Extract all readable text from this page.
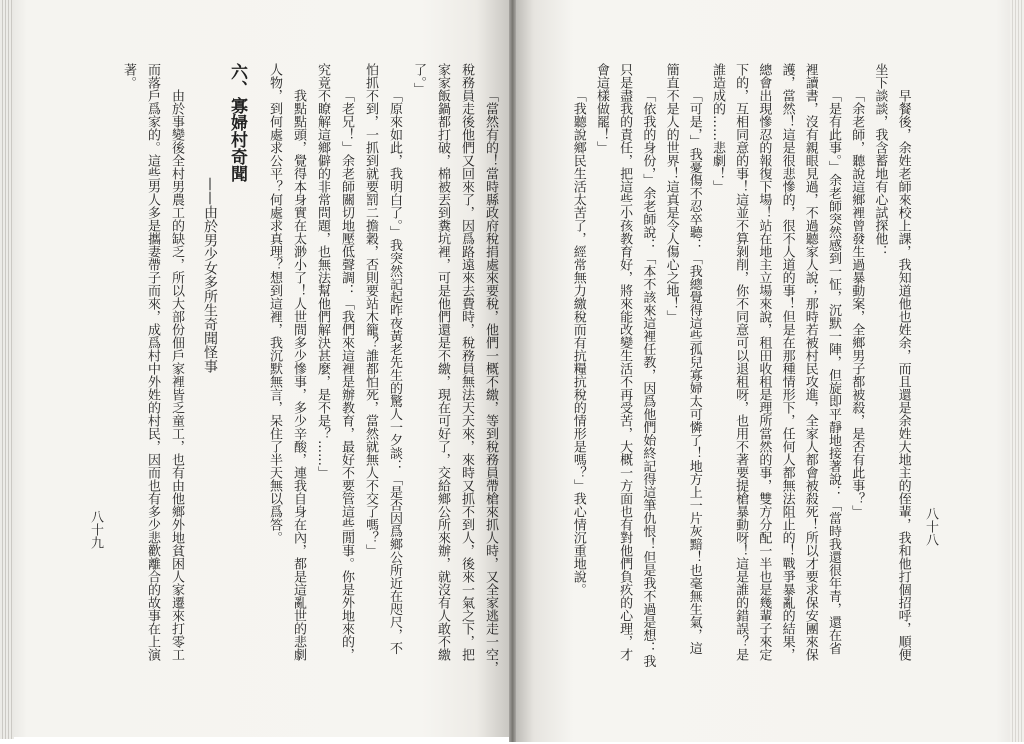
「當然有的！當時縣政府稅捐處來要稅，他們一概不繳，等到稅務員帶槍來抓人時，又全家逃走一空，
稅務員走後他們又回來了，因爲路遠來去費時，稅務員無法天天來，來時又抓不到人，後來一氣之下，把
家家飯鍋都打破，棉被丟到糞坑裡，可是他們還是不繳，現在可好了，交給鄉公所來辦，就沒有人敢不繳
了。」
「原來如此，我明白了。」我突然記起昨夜黃老先生的驚人一夕談：「是否因爲鄉公所近在咫尺，不
怕抓不到，一抓到就要罰二擔穀，否則要站木籠？誰都怕死，當然就無人不交了嗎？」
「老兄！」余老師關切地壓低聲調：「我們來這裡是辦教育，最好不要管這些閒事。你是外地來的，
究竟不瞭解這鄉僻的非常問題，也無法幫他們解決甚麼，是不是？……」
我點點頭，覺得本身實在太渺小了！人世間多少慘事，多少辛酸，連我自身在內，都是這亂世的悲劇
人物，到何處求公平？何處求真理？想到這裡，我沉默無言，呆住了半天無以爲答。
六、寡婦村奇聞
——由於男少女多所生奇聞怪事
由於事變後全村男農工的缺乏，所以大部份佃戶家裡皆乏童工，也有由他鄉外地貧困人家遷來打零工
而落戶爲家的。這些男人多是攜妻帶子而來，成爲村中外姓的村民，因而也有多少悲歡離合的故事在上演
著。
八十九	早餐後，余姓老師來校上課，我知道他也姓余，而且還是余姓大地主的侄輩，我和他打個招呼，順便
坐下談談，我含蓄地有心試探他：
「余老師，聽說這鄉裡曾發生過暴動案，全鄉男子都被殺，是否有此事？」
「是有此事。」余老師突然感到一怔，沉默一陣，但旋即平靜地接著說：「當時我還很年青，還在省
裡讀書，沒有親眼見過，不過聽家人說；那時若被村民攻進，全家人都會被殺死！所以才要求保安團來保
護，當然！這是很悲慘的，很不人道的事！但是在那種情形下，任何人都無法阻止的！戰爭暴亂的結果，
總會出現慘忍的報復下場！站在地主立場來說，租田收租是理所當然的事，雙方分配一半也是幾輩子來定
下的，互相同意的事！這並不算剝削，你不同意可以退租呀，也用不著要提槍暴動呀！這是誰的錯誤？是
誰造成的……悲劇！」
「可是，」我憂傷不忍卒聽：「我總覺得這些孤兒寡婦太可憐了！地方上一片灰黯！也毫無生氣，這
簡直不是人的世界！這真是令人傷心之地！」
「依我的身份，」余老師說：「本不該來這裡任教，因爲他們始終記得這筆仇恨！但是我不過是想：我
只是盡我的責任，把這些小孩教育好，將來能改變生活不再受苦，大概一方面也有對他們負疚的心理，才
會這樣做罷！」
「我聽說鄉民生活太苦了，經常無力繳稅而有抗糧抗稅的情形是嗎？」我心情沉重地說。	八十八
